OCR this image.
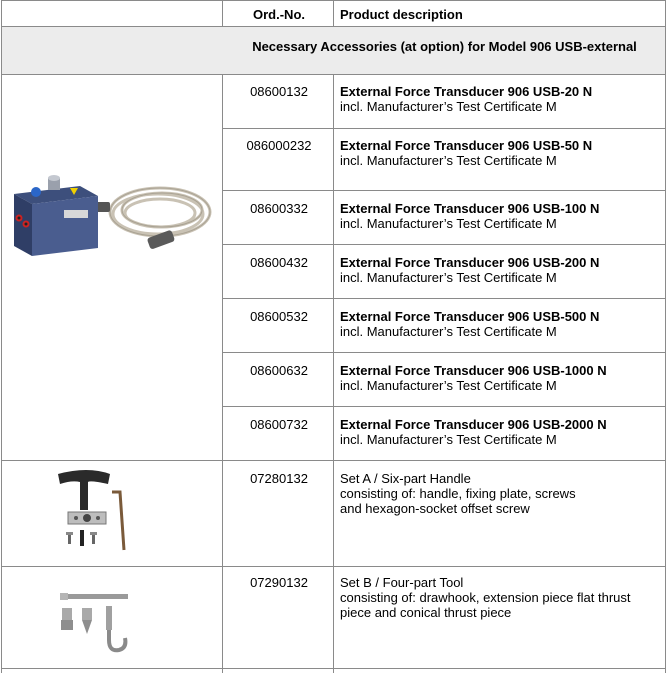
Ord.-No.	Product description
Necessary Accessories (at option) for Model 906 USB-external
08600132	External Force Transducer 906 USB-20 N
incl. Manufacturer’s Test Certificate M
086000232	External Force Transducer 906 USB-50 N
incl. Manufacturer’s Test Certificate M
08600332	External Force Transducer 906 USB-100 N
incl. Manufacturer’s Test Certificate M
08600432	External Force Transducer 906 USB-200 N
incl. Manufacturer’s Test Certificate M
08600532	External Force Transducer 906 USB-500 N
incl. Manufacturer’s Test Certificate M
08600632	External Force Transducer 906 USB-1000 N
incl. Manufacturer’s Test Certificate M
08600732	External Force Transducer 906 USB-2000 N
incl. Manufacturer’s Test Certificate M
07280132	Set A / Six-part Handle
consisting of: handle, fixing plate, screws
and hexagon-socket offset screw
07290132	Set B / Four-part Tool
consisting of: drawhook, extension piece flat thrust
piece and conical thrust piece
